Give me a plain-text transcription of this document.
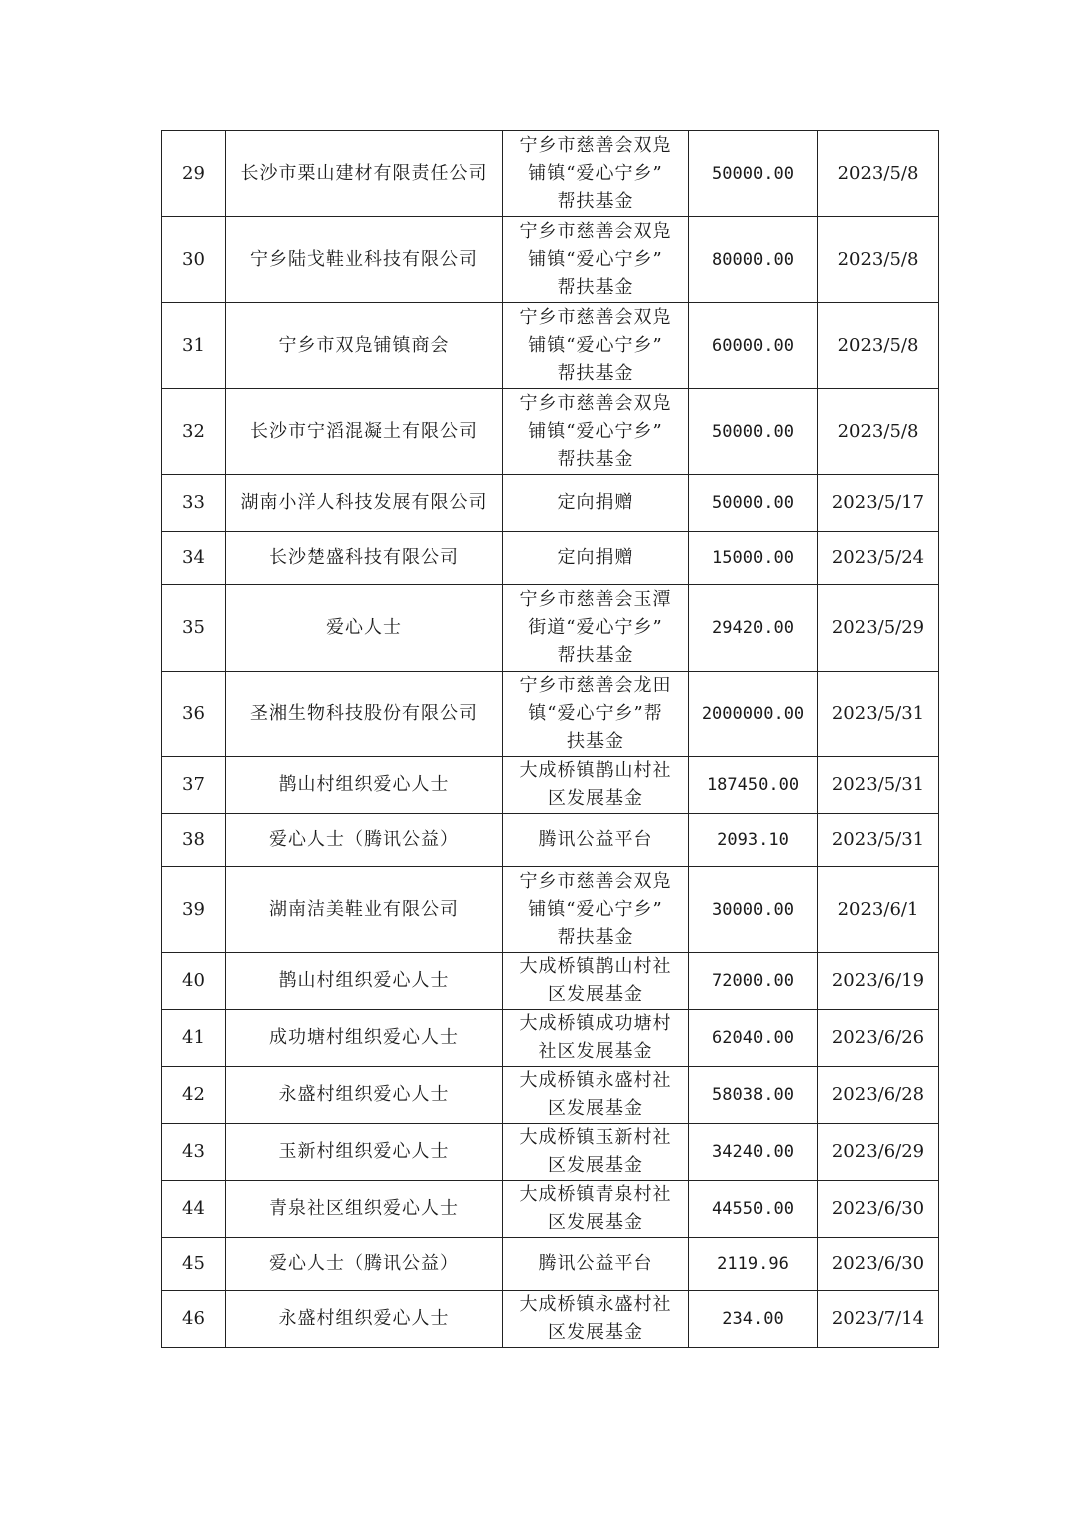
29	长沙市栗山建材有限责任公司	宁乡市慈善会双凫
铺镇“爱心宁乡”
帮扶基金	50000.00	2023/5/8
30	宁乡陆戈鞋业科技有限公司	宁乡市慈善会双凫
铺镇“爱心宁乡”
帮扶基金	80000.00	2023/5/8
31	宁乡市双凫铺镇商会	宁乡市慈善会双凫
铺镇“爱心宁乡”
帮扶基金	60000.00	2023/5/8
32	长沙市宁滔混凝土有限公司	宁乡市慈善会双凫
铺镇“爱心宁乡”
帮扶基金	50000.00	2023/5/8
33	湖南小洋人科技发展有限公司	定向捐赠	50000.00	2023/5/17
34	长沙楚盛科技有限公司	定向捐赠	15000.00	2023/5/24
35	爱心人士	宁乡市慈善会玉潭
街道“爱心宁乡”
帮扶基金	29420.00	2023/5/29
36	圣湘生物科技股份有限公司	宁乡市慈善会龙田
镇“爱心宁乡”帮
扶基金	2000000.00	2023/5/31
37	鹊山村组织爱心人士	大成桥镇鹊山村社
区发展基金	187450.00	2023/5/31
38	爱心人士（腾讯公益）	腾讯公益平台	2093.10	2023/5/31
39	湖南洁美鞋业有限公司	宁乡市慈善会双凫
铺镇“爱心宁乡”
帮扶基金	30000.00	2023/6/1
40	鹊山村组织爱心人士	大成桥镇鹊山村社
区发展基金	72000.00	2023/6/19
41	成功塘村组织爱心人士	大成桥镇成功塘村
社区发展基金	62040.00	2023/6/26
42	永盛村组织爱心人士	大成桥镇永盛村社
区发展基金	58038.00	2023/6/28
43	玉新村组织爱心人士	大成桥镇玉新村社
区发展基金	34240.00	2023/6/29
44	青泉社区组织爱心人士	大成桥镇青泉村社
区发展基金	44550.00	2023/6/30
45	爱心人士（腾讯公益）	腾讯公益平台	2119.96	2023/6/30
46	永盛村组织爱心人士	大成桥镇永盛村社
区发展基金	234.00	2023/7/14
